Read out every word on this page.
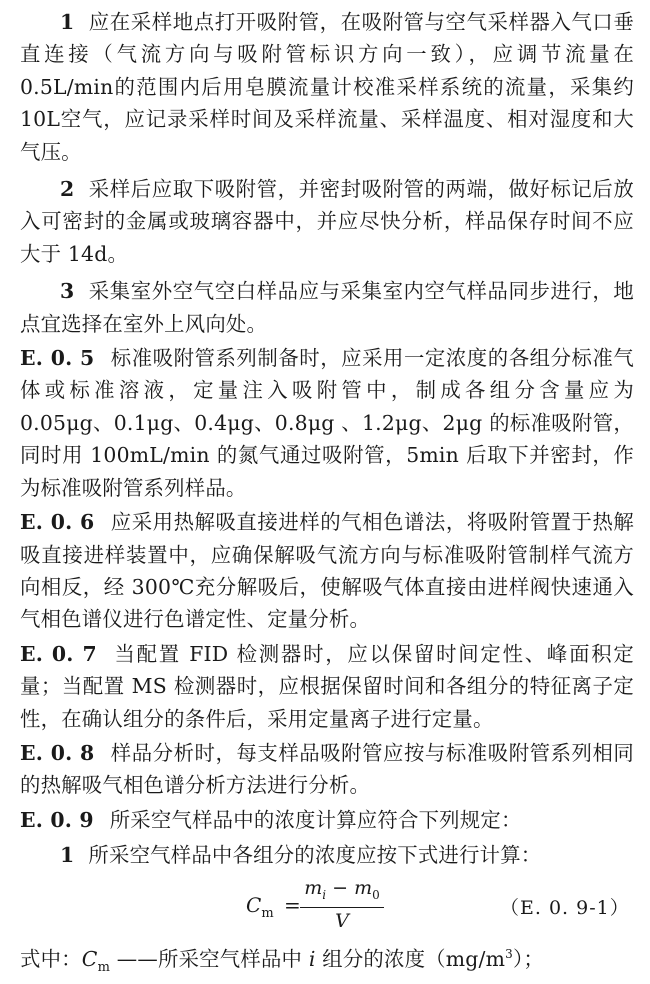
1 应在采样地点打开吸附管，在吸附管与空气采样器入气口垂直连接（气流方向与吸附管标识方向一致），应调节流量在0.5L/min的范围内后用皂膜流量计校准采样系统的流量，采集约10L空气，应记录采样时间及采样流量、采样温度、相对湿度和大气压。

2 采样后应取下吸附管，并密封吸附管的两端，做好标记后放入可密封的金属或玻璃容器中，并应尽快分析，样品保存时间不应大于 14d。

3 采集室外空气空白样品应与采集室内空气样品同步进行，地点宜选择在室外上风向处。

E. 0. 5 标准吸附管系列制备时，应采用一定浓度的各组分标准气体或标准溶液，定量注入吸附管中，制成各组分含量应为 0.05μg、0.1μg、0.4μg、0.8μg 、1.2μg、2μg 的标准吸附管，同时用 100mL/min 的氮气通过吸附管，5min 后取下并密封，作为标准吸附管系列样品。

E. 0. 6 应采用热解吸直接进样的气相色谱法，将吸附管置于热解吸直接进样装置中，应确保解吸气流方向与标准吸附管制样气流方向相反，经 300℃充分解吸后，使解吸气体直接由进样阀快速通入气相色谱仪进行色谱定性、定量分析。

E. 0. 7 当配置 FID 检测器时，应以保留时间定性、峰面积定量；当配置 MS 检测器时，应根据保留时间和各组分的特征离子定性，在确认组分的条件后，采用定量离子进行定量。

E. 0. 8 样品分析时，每支样品吸附管应按与标准吸附管系列相同的热解吸气相色谱分析方法进行分析。

E. 0. 9 所采空气样品中的浓度计算应符合下列规定：

1 所采空气样品中各组分的浓度应按下式进行计算：

$C_m = \frac{m_i - m_0}{V}$	（E. 0. 9-1）

式中：$C_m$ ——所采空气样品中 i 组分的浓度$(mg/m^3)$；
